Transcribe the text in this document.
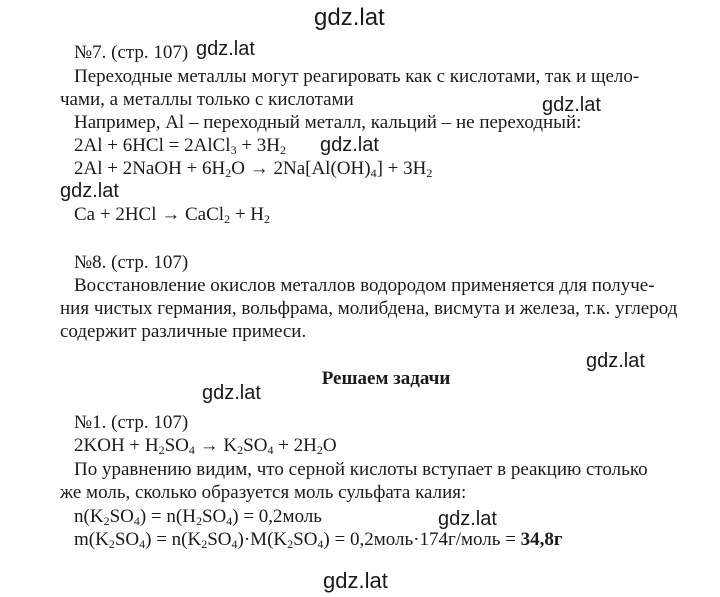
gdz.lat
gdz.lat
gdz.lat
gdz.lat
gdz.lat
gdz.lat
gdz.lat
gdz.lat
gdz.lat
№7. (стр. 107)
Переходные металлы могут реагировать как с кислотами, так и щело-
чами, а металлы только с кислотами
Например, Al – переходный металл, кальций – не переходный:
2Al + 6HCl = 2AlCl$_3$ + $3H_2$
2Al + 2NaOH + $6H_2O \to 2Na[Al(OH)_4] + 3H_2$
Ca + 2HCl → CaCl$_2$ + $H_2$
№8. (стр. 107)
Восстановление окислов металлов водородом применяется для получе-
ния чистых германия, вольфрама, молибдена, висмута и железа, т.к. углерод
содержит различные примеси.
Решаем задачи
№1. (стр. 107)
$2KOH + H_2SO_4 \to K_2SO_4 + 2H_2O$
По уравнению видим, что серной кислоты вступает в реакцию столько
же моль, сколько образуется моль сульфата калия:
$n(K_2SO_4) = n(H_2SO_4)$ = 0,2моль
$m(K_2SO_4) = n(K_2SO_4)\cdot M(K_2SO_4)$ = 0,2моль·174г/моль = 34,8г
